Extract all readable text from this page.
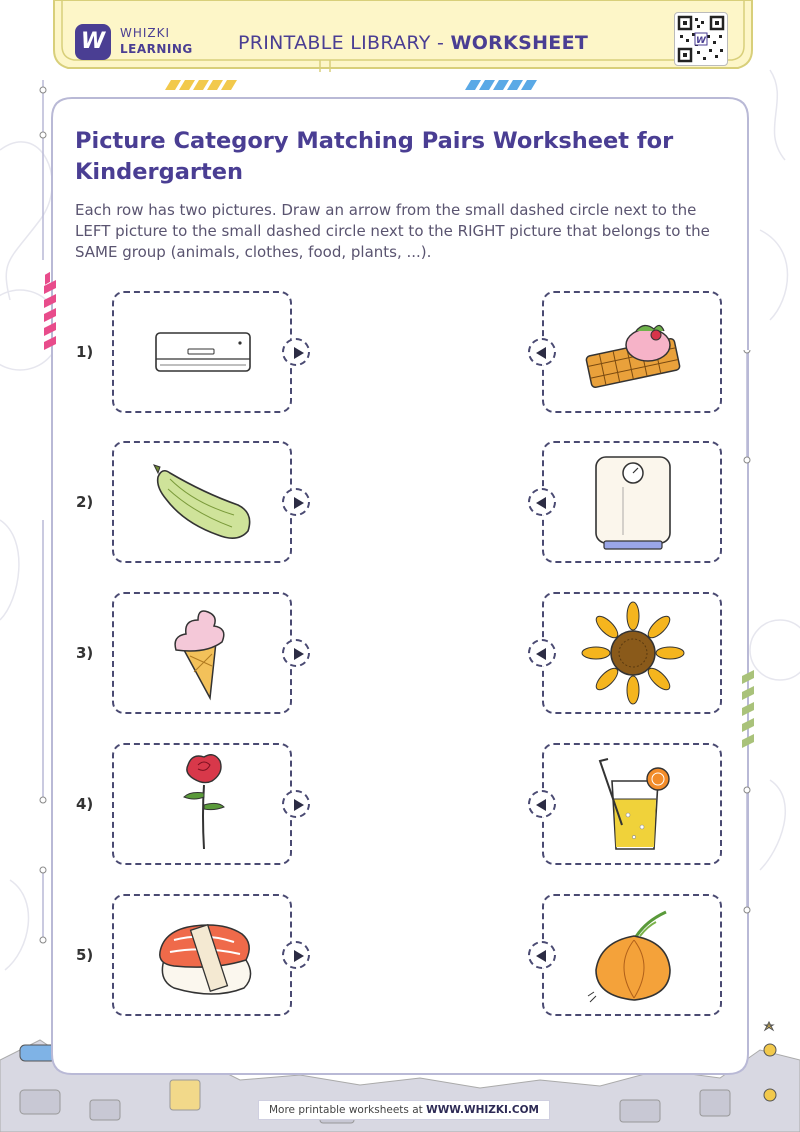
W	WHIZKI
LEARNING PRINTABLE LIBRARY - WORKSHEET	W
Picture Category Matching Pairs Worksheet for Kindergarten

Each row has two pictures. Draw an arrow from the small dashed circle next to the LEFT picture to the small dashed circle next to the RIGHT picture that belongs to the SAME group (animals, clothes, food, plants, ...).

1)
2)
3)
4)
5)
More printable worksheets at WWW.WHIZKI.COM
